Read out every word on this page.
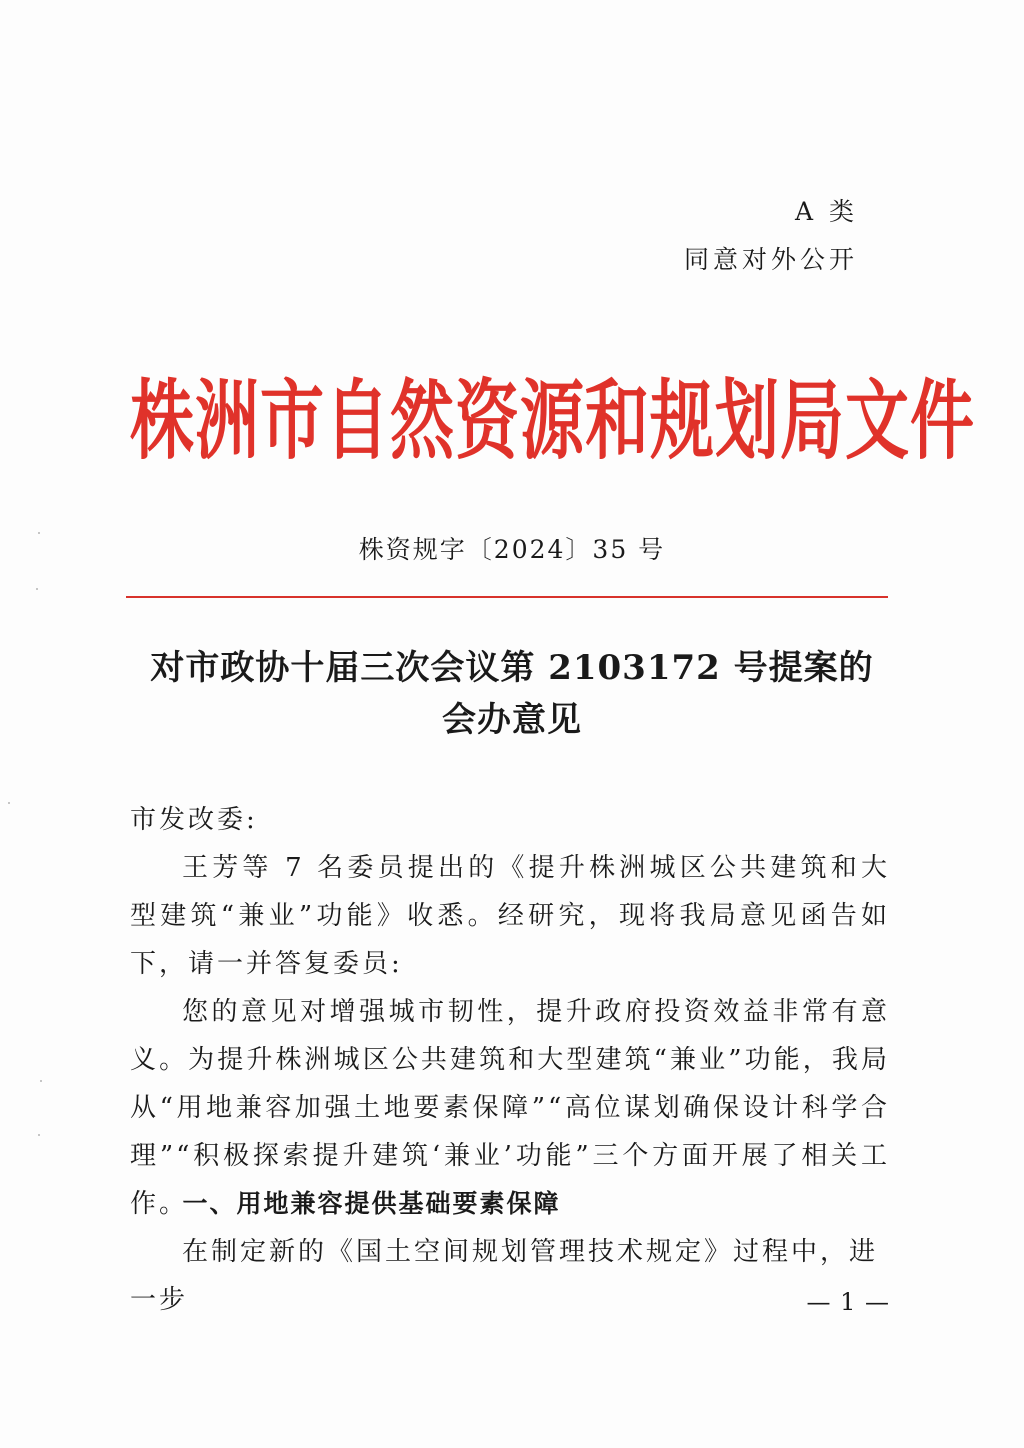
A 类
同意对外公开
株洲市自然资源和规划局文件
株资规字〔2024〕35 号
对市政协十届三次会议第 2103172 号提案的
会办意见
市发改委:
王芳等 7 名委员提出的《提升株洲城区公共建筑和大型建筑“兼业”功能》收悉。经研究，现将我局意见函告如下，请一并答复委员:
您的意见对增强城市韧性，提升政府投资效益非常有意义。为提升株洲城区公共建筑和大型建筑“兼业”功能，我局从“用地兼容加强土地要素保障”“高位谋划确保设计科学合理”“积极探索提升建筑‘兼业’功能”三个方面开展了相关工作。
一、用地兼容提供基础要素保障
在制定新的《国土空间规划管理技术规定》过程中，进一步	— 1 —
